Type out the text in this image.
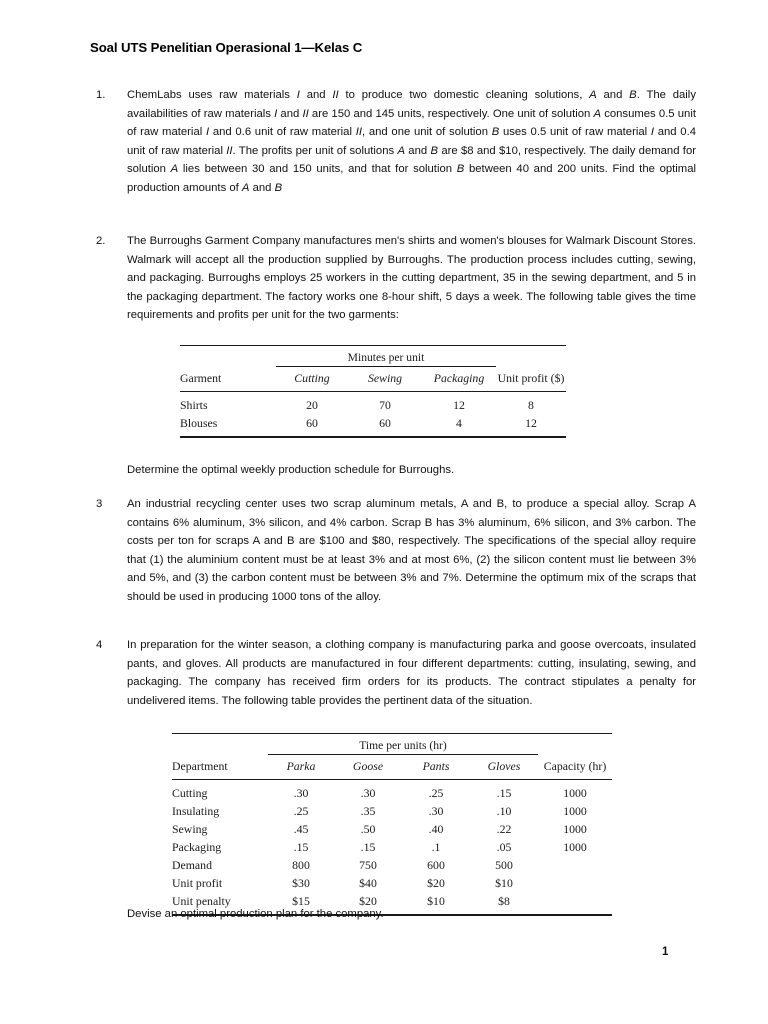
Soal UTS Penelitian Operasional 1—Kelas C
1.	ChemLabs uses raw materials I and II to produce two domestic cleaning solutions, A and B. The daily availabilities of raw materials I and II are 150 and 145 units, respectively. One unit of solution A consumes 0.5 unit of raw material I and 0.6 unit of raw material II, and one unit of solution B uses 0.5 unit of raw material I and 0.4 unit of raw material II. The profits per unit of solutions A and B are $8 and $10, respectively. The daily demand for solution A lies between 30 and 150 units, and that for solution B between 40 and 200 units. Find the optimal production amounts of A and B
2.	The Burroughs Garment Company manufactures men's shirts and women's blouses for Walmark Discount Stores. Walmark will accept all the production supplied by Burroughs. The production process includes cutting, sewing, and packaging. Burroughs employs 25 workers in the cutting department, 35 in the sewing department, and 5 in the packaging department. The factory works one 8-hour shift, 5 days a week. The following table gives the time requirements and profits per unit for the two garments:
	Minutes per unit			
Garment	Cutting	Sewing	Packaging	Unit profit ($)
Shirts	20	70	12	8
Blouses	60	60	4	12
Determine the optimal weekly production schedule for Burroughs.
3	An industrial recycling center uses two scrap aluminum metals, A and B, to produce a special alloy. Scrap A contains 6% aluminum, 3% silicon, and 4% carbon. Scrap B has 3% aluminum, 6% silicon, and 3% carbon. The costs per ton for scraps A and B are $100 and $80, respectively. The specifications of the special alloy require that (1) the aluminium content must be at least 3% and at most 6%, (2) the silicon content must lie between 3% and 5%, and (3) the carbon content must be between 3% and 7%. Determine the optimum mix of the scraps that should be used in producing 1000 tons of the alloy.
4	In preparation for the winter season, a clothing company is manufacturing parka and goose overcoats, insulated pants, and gloves. All products are manufactured in four different departments: cutting, insulating, sewing, and packaging. The company has received firm orders for its products. The contract stipulates a penalty for undelivered items. The following table provides the pertinent data of the situation.
	Time per units (hr)				
Department	Parka	Goose	Pants	Gloves	Capacity (hr)
Cutting	.30	.30	.25	.15	1000
Insulating	.25	.35	.30	.10	1000
Sewing	.45	.50	.40	.22	1000
Packaging	.15	.15	.1	.05	1000
Demand	800	750	600	500	
Unit profit	$30	$40	$20	$10	
Unit penalty	$15	$20	$10	$8	
Devise an optimal production plan for the company.
1
